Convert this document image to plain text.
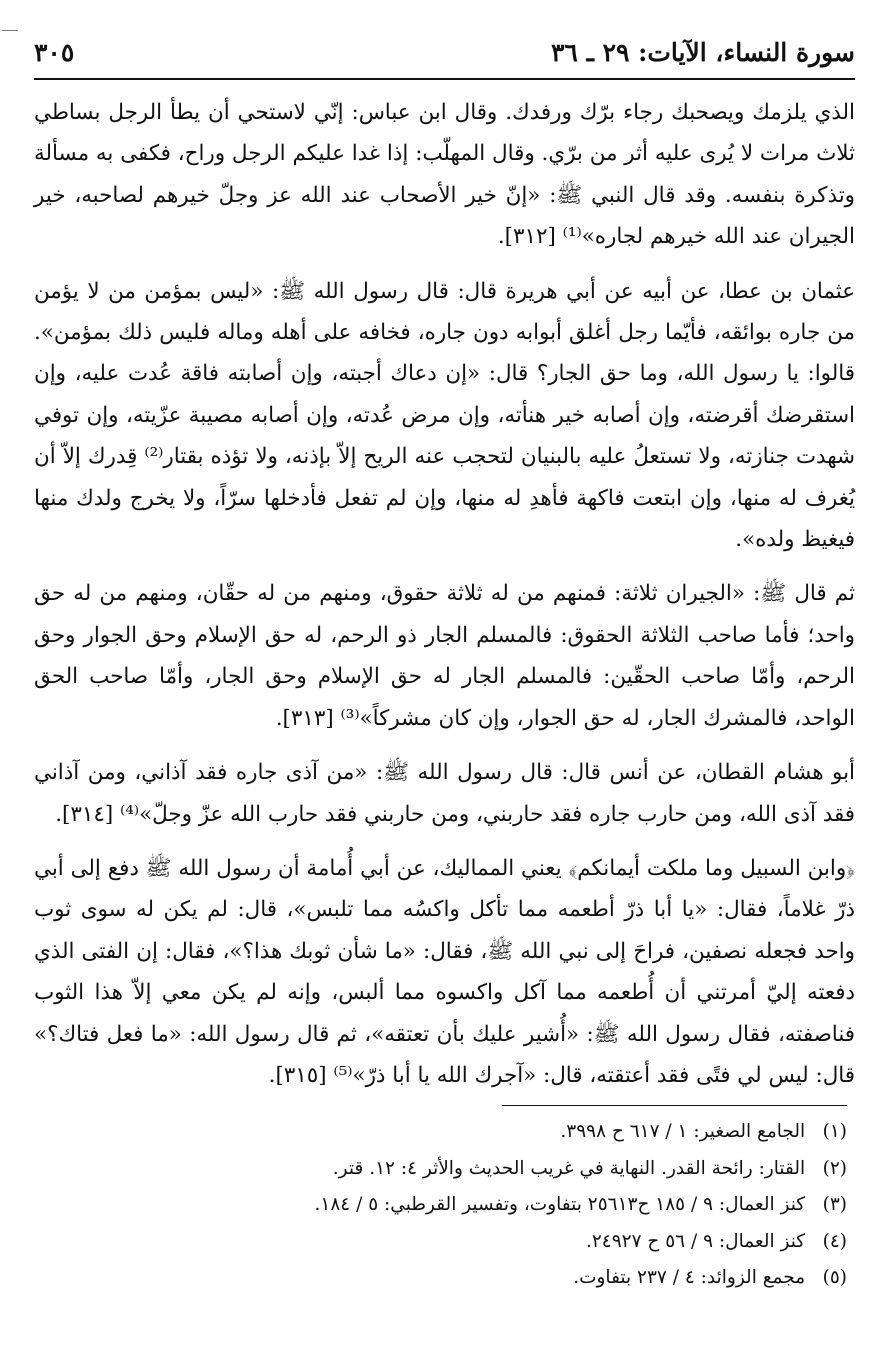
سورة النساء، الآيات: ٢٩ ـ ٣٦
٣٠٥

الذي يلزمك ويصحبك رجاء برّك ورفدك. وقال ابن عباس: إنّي لاستحي أن يطأ الرجل بساطي ثلاث مرات لا يُرى عليه أثر من برّي. وقال المهلّب: إذا غدا عليكم الرجل وراح، فكفى به مسألة وتذكرة بنفسه. وقد قال النبي ﷺ: «إنّ خير الأصحاب عند الله عز وجلّ خيرهم لصاحبه، خير الجيران عند الله خيرهم لجاره»⁽¹⁾ [٣١٢].

عثمان بن عطا، عن أبيه عن أبي هريرة قال: قال رسول الله ﷺ: «ليس بمؤمن من لا يؤمن من جاره بوائقه، فأيّما رجل أغلق أبوابه دون جاره، فخافه على أهله وماله فليس ذلك بمؤمن». قالوا: يا رسول الله، وما حق الجار؟ قال: «إن دعاك أجبته، وإن أصابته فاقة عُدت عليه، وإن استقرضك أقرضته، وإن أصابه خير هنأته، وإن مرض عُدته، وإن أصابه مصيبة عزّيته، وإن توفي شهدت جنازته، ولا تستعلُ عليه بالبنيان لتحجب عنه الريح إلاّ بإذنه، ولا تؤذه بقتار⁽²⁾ قِدرك إلاّ أن يُغرف له منها، وإن ابتعت فاكهة فأهدِ له منها، وإن لم تفعل فأدخلها سرّاً، ولا يخرج ولدك منها فيغيظ ولده».

ثم قال ﷺ: «الجيران ثلاثة: فمنهم من له ثلاثة حقوق، ومنهم من له حقّان، ومنهم من له حق واحد؛ فأما صاحب الثلاثة الحقوق: فالمسلم الجار ذو الرحم، له حق الإسلام وحق الجوار وحق الرحم، وأمّا صاحب الحقّين: فالمسلم الجار له حق الإسلام وحق الجار، وأمّا صاحب الحق الواحد، فالمشرك الجار، له حق الجوار، وإن كان مشركاً»⁽³⁾ [٣١٣].

أبو هشام القطان، عن أنس قال: قال رسول الله ﷺ: «من آذى جاره فقد آذاني، ومن آذاني فقد آذى الله، ومن حارب جاره فقد حاربني، ومن حاربني فقد حارب الله عزّ وجلّ»⁽⁴⁾ [٣١٤].

﴿وابن السبيل وما ملكت أيمانكم﴾ يعني المماليك، عن أبي أُمامة أن رسول الله ﷺ دفع إلى أبي ذرّ غلاماً، فقال: «يا أبا ذرّ أطعمه مما تأكل واكسُه مما تلبس»، قال: لم يكن له سوى ثوب واحد فجعله نصفين، فراحَ إلى نبي الله ﷺ، فقال: «ما شأن ثوبك هذا؟»، فقال: إن الفتى الذي دفعته إليّ أمرتني أن أُطعمه مما آكل واكسوه مما ألبس، وإنه لم يكن معي إلاّ هذا الثوب فناصفته، فقال رسول الله ﷺ: «أُشير عليك بأن تعتقه»، ثم قال رسول الله: «ما فعل فتاك؟» قال: ليس لي فتًى فقد أعتقته، قال: «آجرك الله يا أبا ذرّ»⁽⁵⁾ [٣١٥].

(١) الجامع الصغير: ١ / ٦١٧ ح ٣٩٩٨.
(٢) القتار: رائحة القدر. النهاية في غريب الحديث والأثر ٤: ١٢. قتر.
(٣) كنز العمال: ٩ / ١٨٥ ح٢٥٦١٣ بتفاوت، وتفسير القرطبي: ٥ / ١٨٤.
(٤) كنز العمال: ٩ / ٥٦ ح ٢٤٩٢٧.
(٥) مجمع الزوائد: ٤ / ٢٣٧ بتفاوت.
